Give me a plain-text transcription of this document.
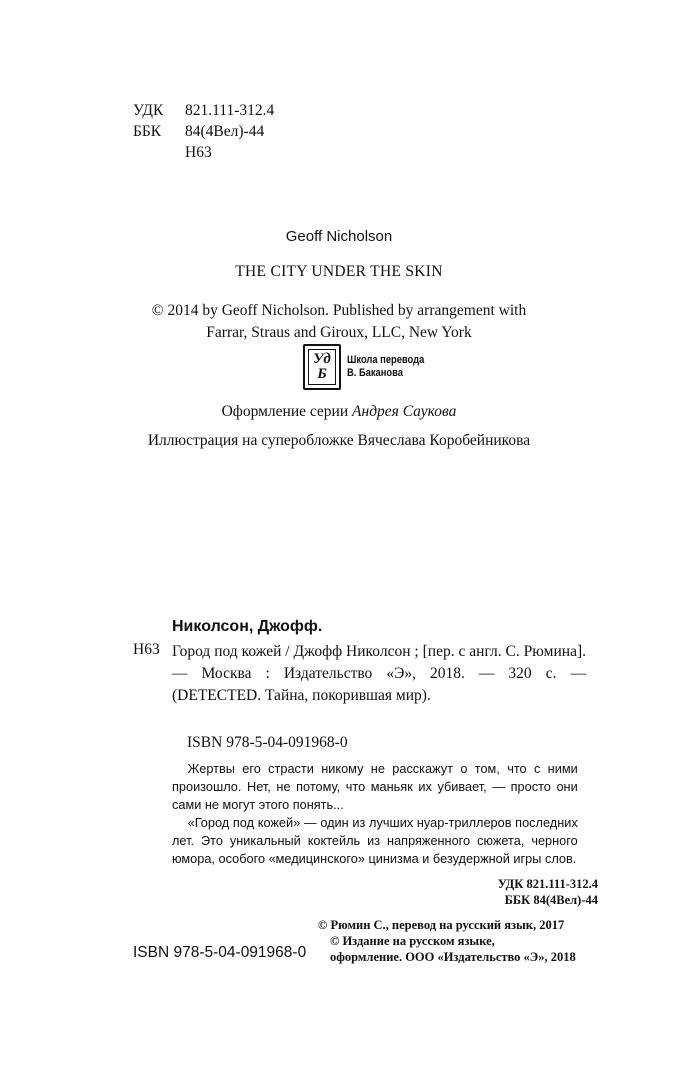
УДК	821.111-312.4
ББК	84(4Вел)-44
Н63
Geoff Nicholson
THE CITY UNDER THE SKIN
© 2014 by Geoff Nicholson. Published by arrangement with
Farrar, Straus and Giroux, LLC, New York
Уд
Б
Школа перевода
В. Баканова
Оформление серии Андрея Саукова
Иллюстрация на суперобложке Вячеслава Коробейникова
Николсон, Джофф.
Н63 Город под кожей / Джофф Николсон ; [пер. с англ. С. Рюмина]. — Москва : Издательство «Э», 2018. — 320 с. — (DETECTED. Тайна, покорившая мир).
ISBN 978-5-04-091968-0

Жертвы его страсти никому не расскажут о том, что с ними произошло. Нет, не потому, что маньяк их убивает, — просто они сами не могут этого понять...

«Город под кожей» — один из лучших нуар-триллеров последних лет. Это уникальный коктейль из напряженного сюжета, черного юмора, особого «медицинского» цинизма и безудержной игры слов.

УДК 821.111-312.4
ББК 84(4Вел)-44
ISBN 978-5-04-091968-0
© Рюмин С., перевод на русский язык, 2017
© Издание на русском языке,
оформление. ООО «Издательство «Э», 2018
